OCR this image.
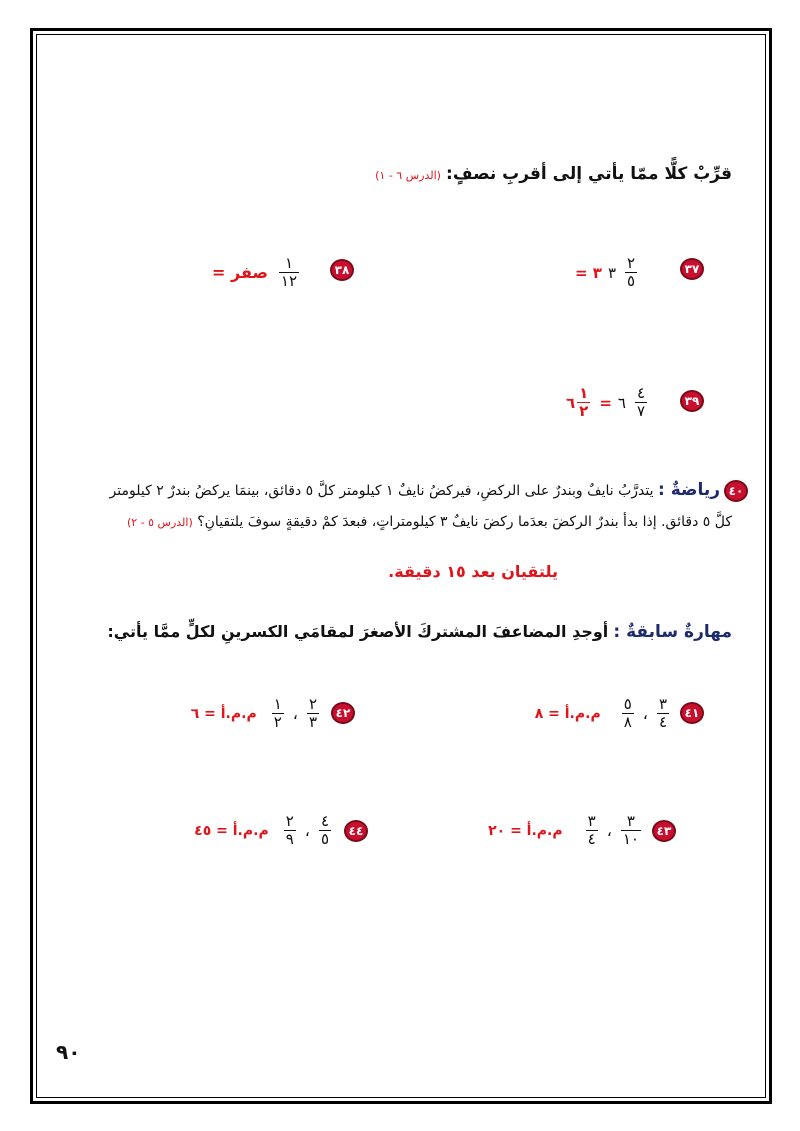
قرِّبْ كلًّا ممّا يأتي إلى أقربِ نصفٍ: (الدرس ٦ - ١)
٣٧
= ٣ ٣ $\frac{٢}{٥}$
٣٨
= صفر $\frac{١}{١٢}$
٣٩
٦ $\frac{١}{٢}$ = ٦ $\frac{٤}{٧}$
٤٠
رياضةٌ : يتدرَّبُ نايفٌ وبندرٌ على الركضِ، فيركضُ نايفٌ ١ كيلومتر كلَّ ٥ دقائق، بينمَا يركضُ بندرٌ ٢ كيلومتر
كلَّ ٥ دقائق. إذا بدأ بندرٌ الركضَ بعدَما ركضَ نايفٌ ٣ كيلومتراتٍ، فبعدَ كمْ دقيقةٍ سوفَ يلتقيانِ؟ (الدرس ٥ - ٢)
يلتقيان بعد ١٥ دقيقة.
مهارةٌ سابقةٌ : أوجدِ المضاعفَ المشتركَ الأصغرَ لمقامَي الكسرينِ لكلٍّ ممَّا يأتي:
٤١
$\frac{٣}{٤}$
،
$\frac{٥}{٨}$
م.م.أ = ٨
٤٢
$\frac{٢}{٣}$
،
$\frac{١}{٢}$
م.م.أ = ٦
٤٣
$\frac{٣}{١٠}$
،
$\frac{٣}{٤}$
م.م.أ = ٢٠
٤٤
$\frac{٤}{٥}$
،
$\frac{٢}{٩}$
م.م.أ = ٤٥
٩٠
